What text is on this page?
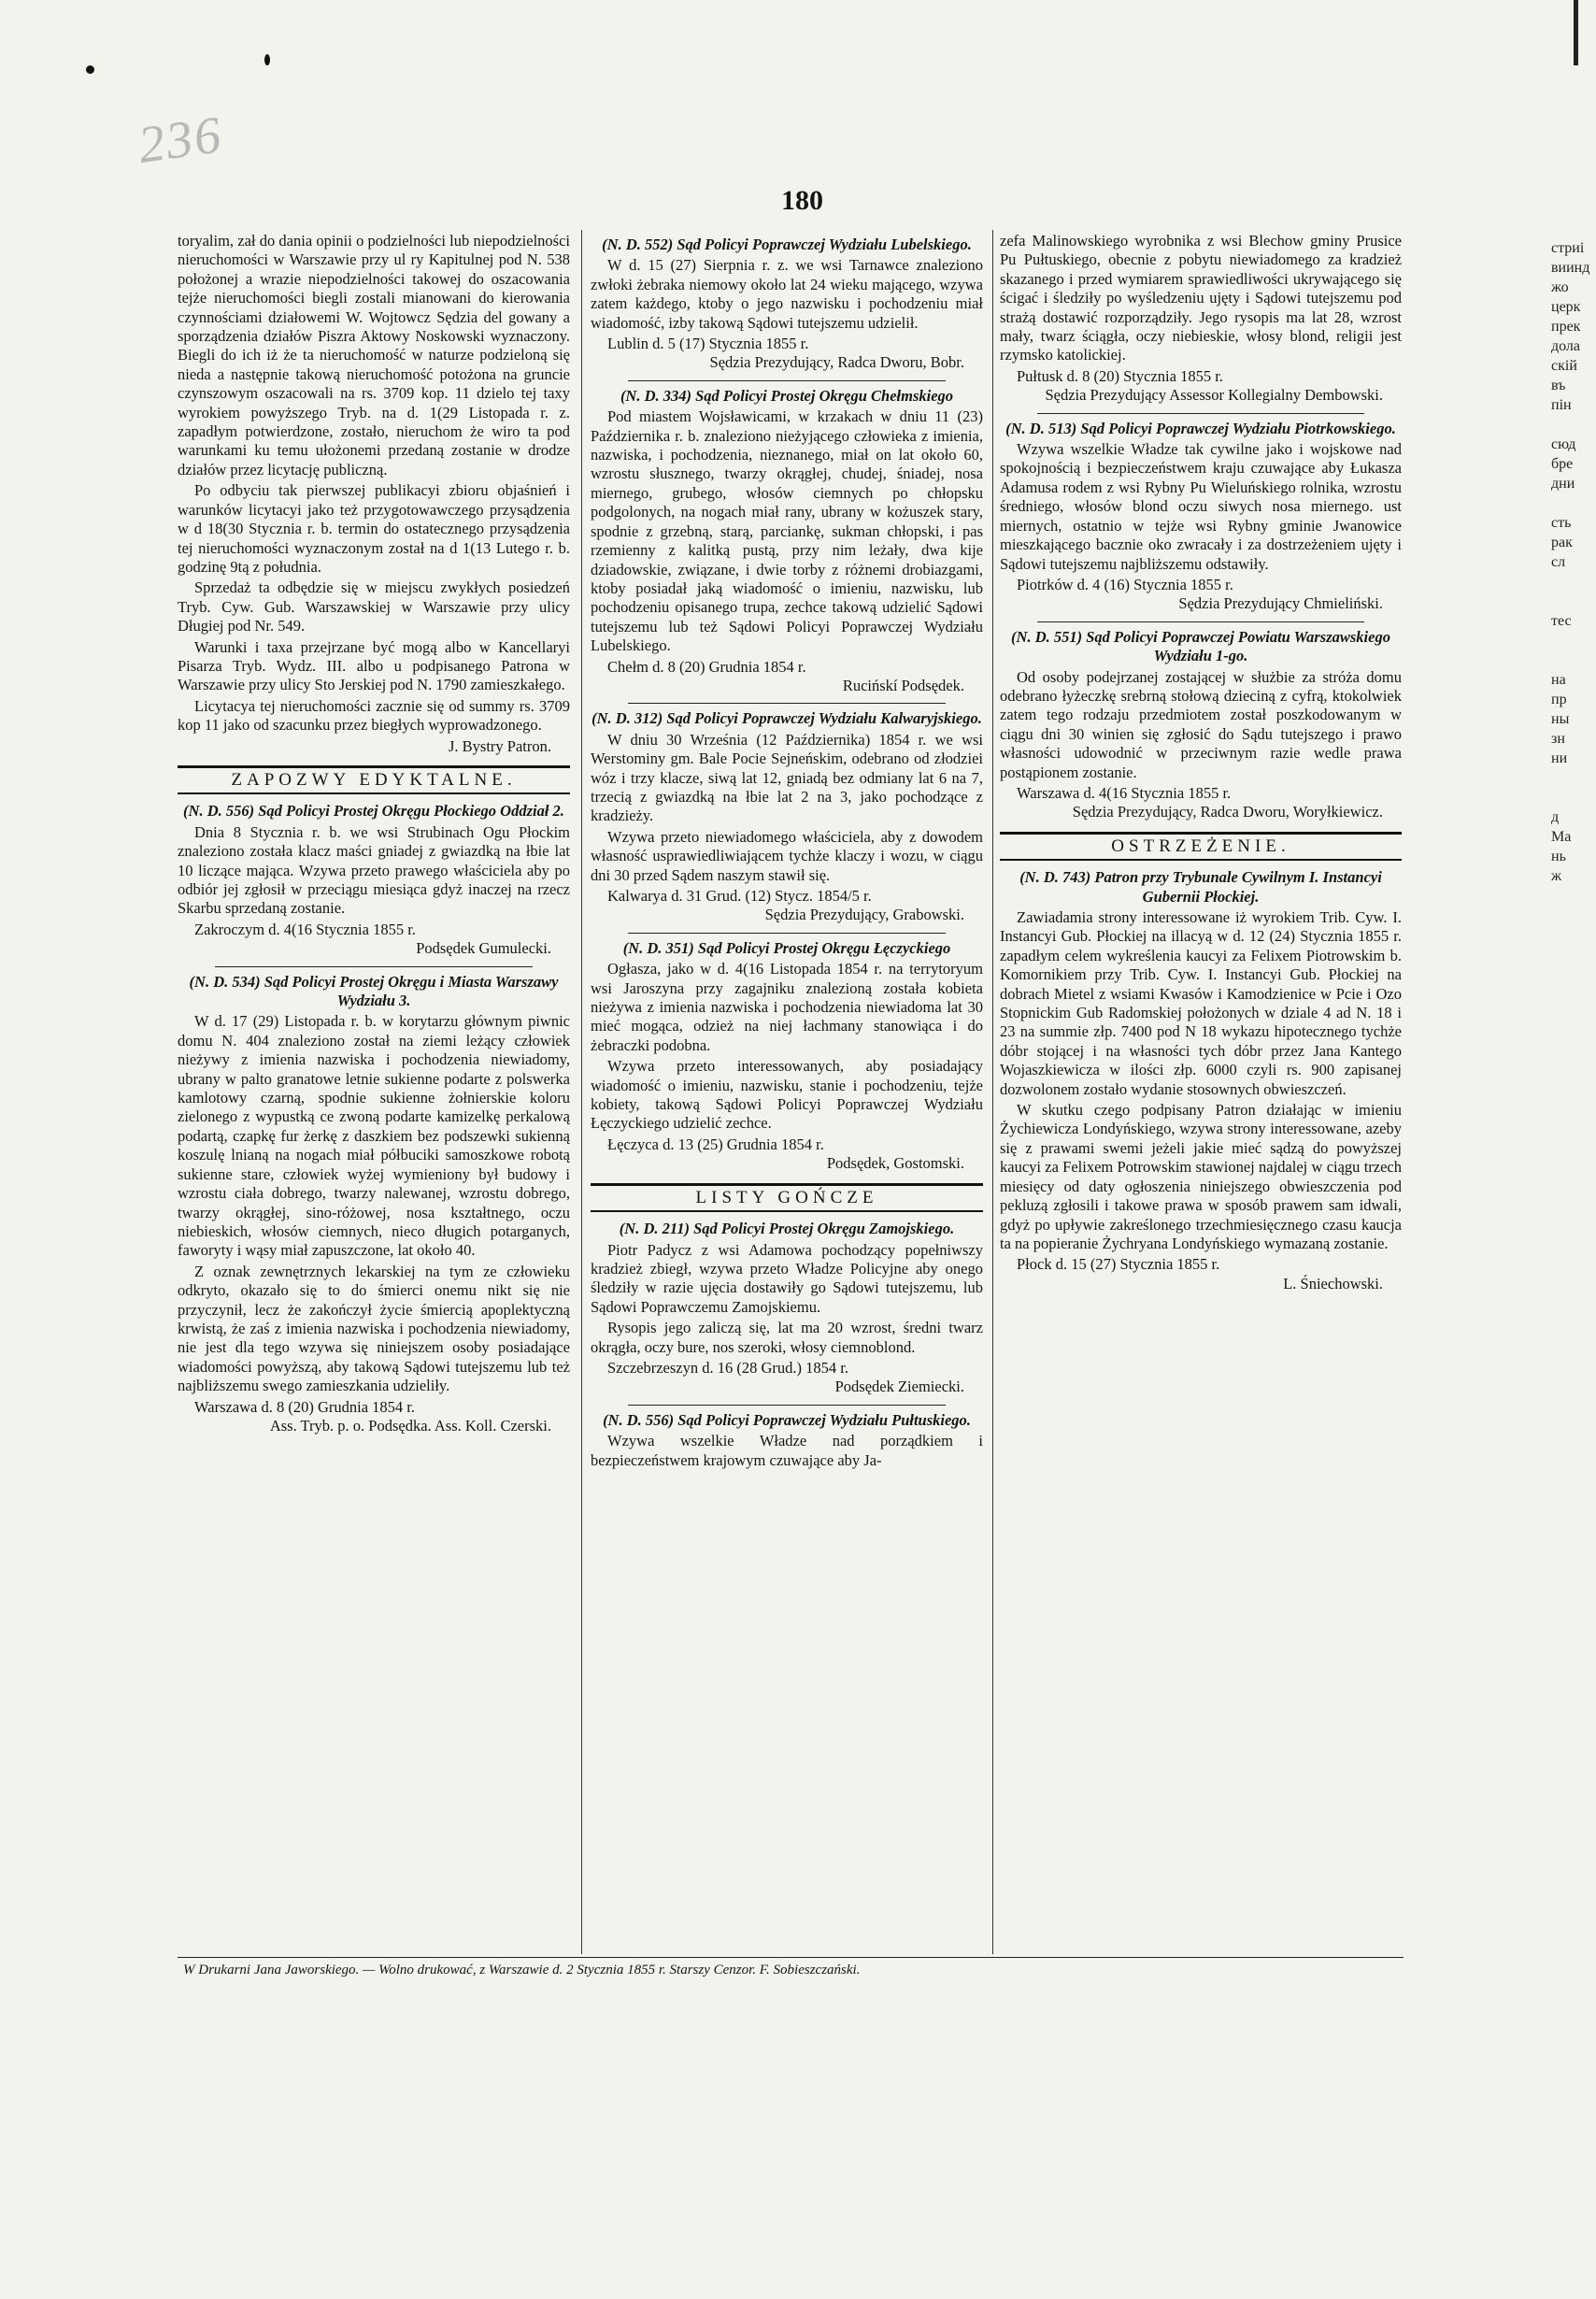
236
180

toryalim, zał do dania opinii o podzielności lub niepodzielności nieruchomości w Warszawie przy ul ry Kapitulnej pod N. 538 położonej a wrazie niepodzielności takowej do oszacowania tejże nieruchomości biegli zostali mianowani do kierowania czynnościami działowemi W. Wojtowcz Sędzia del gowany a sporządzenia działów Piszra Aktowy Noskowski wyznaczony. Biegli do ich iż że ta nieruchomość w naturze podzieloną się nieda a następnie takową nieruchomość potożona na gruncie czynszowym oszacowali na rs. 3709 kop. 11 dzielo tej taxy wyrokiem powyższego Tryb. na d. 1(29 Listopada r. z. zapadłym potwierdzone, zostało, nieruchom że wiro ta pod warunkami ku temu ułożonemi przedaną zostanie w drodze działów przez licytację publiczną.

Po odbyciu tak pierwszej publikacyi zbioru objaśnień i warunków licytacyi jako też przygotowawczego przysądzenia w d 18(30 Stycznia r. b. termin do ostatecznego przysądzenia tej nieruchomości wyznaczonym został na d 1(13 Lutego r. b. godzinę 9tą z południa.

Sprzedaż ta odbędzie się w miejscu zwykłych posiedzeń Tryb. Cyw. Gub. Warszawskiej w Warszawie przy ulicy Długiej pod Nr. 549.

Warunki i taxa przejrzane być mogą albo w Kancellaryi Pisarza Tryb. Wydz. III. albo u podpisanego Patrona w Warszawie przy ulicy Sto Jerskiej pod N. 1790 zamieszkałego.

Licytacya tej nieruchomości zacznie się od summy rs. 3709 kop 11 jako od szacunku przez biegłych wyprowadzonego.

J. Bystry Patron.

ZAPOZWY EDYKTALNE.

(N. D. 556) Sąd Policyi Prostej Okręgu Płockiego Oddział 2.

Dnia 8 Stycznia r. b. we wsi Strubinach Ogu Płockim znaleziono została klacz maści gniadej z gwiazdką na łbie lat 10 liczące mająca. Wzywa przeto prawego właściciela aby po odbiór jej zgłosił w przeciągu miesiąca gdyż inaczej na rzecz Skarbu sprzedaną zostanie.

Zakroczym d. 4(16 Stycznia 1855 r.

Podsędek Gumulecki.

(N. D. 534) Sąd Policyi Prostej Okręgu i Miasta Warszawy Wydziału 3.

W d. 17 (29) Listopada r. b. w korytarzu głównym piwnic domu N. 404 znaleziono został na ziemi leżący człowiek nieżywy z imienia nazwiska i pochodzenia niewiadomy, ubrany w palto granatowe letnie sukienne podarte z polswerka kamlotowy czarną, spodnie sukienne żołnierskie koloru zielonego z wypustką ce zwoną podarte kamizelkę perkalową podartą, czapkę fur żerkę z daszkiem bez podszewki sukienną koszulę lnianą na nogach miał półbuciki samoszkowe robotą sukienne stare, człowiek wyżej wymieniony był budowy i wzrostu ciała dobrego, twarzy nalewanej, wzrostu dobrego, twarzy okrągłej, sino-różowej, nosa kształtnego, oczu niebieskich, włosów ciemnych, nieco długich potarganych, faworyty i wąsy miał zapuszczone, lat około 40.

Z oznak zewnętrznych lekarskiej na tym ze człowieku odkryto, okazało się to do śmierci onemu nikt się nie przyczynił, lecz że zakończył życie śmiercią apoplektyczną krwistą, że zaś z imienia nazwiska i pochodzenia niewiadomy, nie jest dla tego wzywa się niniejszem osoby posiadające wiadomości powyższą, aby takową Sądowi tutejszemu lub też najbliższemu swego zamieszkania udzieliły.

Warszawa d. 8 (20) Grudnia 1854 r.

Ass. Tryb. p. o. Podsędka. Ass. Koll. Czerski.

(N. D. 552) Sąd Policyi Poprawczej Wydziału Lubelskiego.

W d. 15 (27) Sierpnia r. z. we wsi Tarnawce znaleziono zwłoki żebraka niemowy około lat 24 wieku mającego, wzywa zatem każdego, ktoby o jego nazwisku i pochodzeniu miał wiadomość, izby takową Sądowi tutejszemu udzielił.

Lublin d. 5 (17) Stycznia 1855 r.

Sędzia Prezydujący, Radca Dworu, Bobr.

(N. D. 334) Sąd Policyi Prostej Okręgu Chełmskiego

Pod miastem Wojsławicami, w krzakach w dniu 11 (23) Października r. b. znaleziono nieżyjącego człowieka z imienia, nazwiska, i pochodzenia, nieznanego, miał on lat około 60, wzrostu słusznego, twarzy okrągłej, chudej, śniadej, nosa miernego, grubego, włosów ciemnych po chłopsku podgolonych, na nogach miał rany, ubrany w kożuszek stary, spodnie z grzebną, starą, parciankę, sukman chłopski, i pas rzemienny z kalitką pustą, przy nim leżały, dwa kije dziadowskie, związane, i dwie torby z różnemi drobiazgami, ktoby posiadał jaką wiadomość o imieniu, nazwisku, lub pochodzeniu opisanego trupa, zechce takową udzielić Sądowi tutejszemu lub też Sądowi Policyi Poprawczej Wydziału Lubelskiego.

Chełm d. 8 (20) Grudnia 1854 r.

Rucińskí Podsędek.

(N. D. 312) Sąd Policyi Poprawczej Wydziału Kalwaryjskiego.

W dniu 30 Września (12 Października) 1854 r. we wsi Werstominy gm. Bale Pocie Sejneńskim, odebrano od złodziei wóz i trzy klacze, siwą lat 12, gniadą bez odmiany lat 6 na 7, trzecią z gwiazdką na łbie lat 2 na 3, jako pochodzące z kradzieży.

Wzywa przeto niewiadomego właściciela, aby z dowodem własność usprawiedliwiającem tychże klaczy i wozu, w ciągu dni 30 przed Sądem naszym stawił się.

Kalwarya d. 31 Grud. (12) Stycz. 1854/5 r.

Sędzia Prezydujący, Grabowski.

(N. D. 351) Sąd Policyi Prostej Okręgu Łęczyckiego

Ogłasza, jako w d. 4(16 Listopada 1854 r. na terrytoryum wsi Jaroszyna przy zagajniku znalezioną została kobieta nieżywa z imienia nazwiska i pochodzenia niewiadoma lat 30 mieć mogąca, odzież na niej łachmany stanowiąca i do żebraczki podobna.

Wzywa przeto interessowanych, aby posiadający wiadomość o imieniu, nazwisku, stanie i pochodzeniu, tejże kobiety, takową Sądowi Policyi Poprawczej Wydziału Łęczyckiego udzielić zechce.

Łęczyca d. 13 (25) Grudnia 1854 r.

Podsędek, Gostomski.

LISTY GOŃCZE

(N. D. 211) Sąd Policyi Prostej Okręgu Zamojskiego.

Piotr Padycz z wsi Adamowa pochodzący popełniwszy kradzież zbiegł, wzywa przeto Władze Policyjne aby onego śledziły w razie ujęcia dostawiły go Sądowi tutejszemu, lub Sądowi Poprawczemu Zamojskiemu.

Rysopis jego zaliczą się, lat ma 20 wzrost, średni twarz okrągła, oczy bure, nos szeroki, włosy ciemnoblond.

Szczebrzeszyn d. 16 (28 Grud.) 1854 r.

Podsędek Ziemiecki.

(N. D. 556) Sąd Policyi Poprawczej Wydziału Pułtuskiego.

Wzywa wszelkie Władze nad porządkiem i bezpieczeństwem krajowym czuwające aby Ja-

zefa Malinowskiego wyrobnika z wsi Blechow gminy Prusice Pu Pułtuskiego, obecnie z pobytu niewiadomego za kradzież skazanego i przed wymiarem sprawiedliwości ukrywającego się ścigać i śledziły po wyśledzeniu ujęty i Sądowi tutejszemu pod strażą dostawić rozporządziły. Jego rysopis ma lat 28, wzrost mały, twarz ściągła, oczy niebieskie, włosy blond, religii jest rzymsko katolickiej.

Pułtusk d. 8 (20) Stycznia 1855 r.

Sędzia Prezydujący Assessor Kollegialny Dembowski.

(N. D. 513) Sąd Policyi Poprawczej Wydziału Piotrkowskiego.

Wzywa wszelkie Władze tak cywilne jako i wojskowe nad spokojnością i bezpieczeństwem kraju czuwające aby Łukasza Adamusa rodem z wsi Rybny Pu Wieluńskiego rolnika, wzrostu średniego, włosów blond oczu siwych nosa miernego. ust miernych, ostatnio w tejże wsi Rybny gminie Jwanowice mieszkającego bacznie oko zwracały i za dostrzeżeniem ujęty i Sądowi tutejszemu najbliższemu odstawiły.

Piotrków d. 4 (16) Stycznia 1855 r.

Sędzia Prezydujący Chmieliński.

(N. D. 551) Sąd Policyi Poprawczej Powiatu Warszawskiego Wydziału 1-go.

Od osoby podejrzanej zostającej w służbie za stróża domu odebrano łyżeczkę srebrną stołową dzieciną z cyfrą, ktokolwiek zatem tego rodzaju przedmiotem został poszkodowanym w ciągu dni 30 winien się zgłosić do Sądu tutejszego i prawo własności udowodnić w przeciwnym razie wedle prawa postąpionem zostanie.

Warszawa d. 4(16 Stycznia 1855 r.

Sędzia Prezydujący, Radca Dworu, Woryłkiewicz.

OSTRZEŻENIE.

(N. D. 743) Patron przy Trybunale Cywilnym I. Instancyi Gubernii Płockiej.

Zawiadamia strony interessowane iż wyrokiem Trib. Cyw. I. Instancyi Gub. Płockiej na illacyą w d. 12 (24) Stycznia 1855 r. zapadłym celem wykreślenia kaucyi za Felixem Piotrowskim b. Komornikiem przy Trib. Cyw. I. Instancyi Gub. Płockiej na dobrach Mietel z wsiami Kwasów i Kamodzienice w Pcie i Ozo Stopnickim Gub Radomskiej położonych w dziale 4 ad N. 18 i 23 na summie złp. 7400 pod N 18 wykazu hipotecznego tychże dóbr stojącej i na własności tych dóbr przez Jana Kantego Wojaszkiewicza w ilości złp. 6000 czyli rs. 900 zapisanej dozwolonem zostało wydanie stosownych obwieszczeń.

W skutku czego podpisany Patron działając w imieniu Żychiewicza Londyńskiego, wzywa strony interessowane, azeby się z prawami swemi jeżeli jakie mieć sądzą do powyższej kaucyi za Felixem Potrowskim stawionej najdalej w ciągu trzech miesięcy od daty ogłoszenia niniejszego obwieszczenia pod pekluzą zgłosili i takowe prawa w sposób prawem sam idwali, gdyż po upływie zakreślonego trzechmiesięcznego czasu kaucja ta na popieranie Żychryana Londyńskiego wymazaną zostanie.

Płock d. 15 (27) Stycznia 1855 r.

L. Śniechowski.

W Drukarni Jana Jaworskiego. — Wolno drukować, z Warszawie d. 2 Stycznia 1855 r. Starszy Cenzor. F. Sobieszczański.
стриі
виинд
жо
церк
прек
дола
скій
въ
пін
сюд
бре
дни
сть
рак
сл
тес
на
пр
ны
зн
ни
д
Ма
нь
ж
